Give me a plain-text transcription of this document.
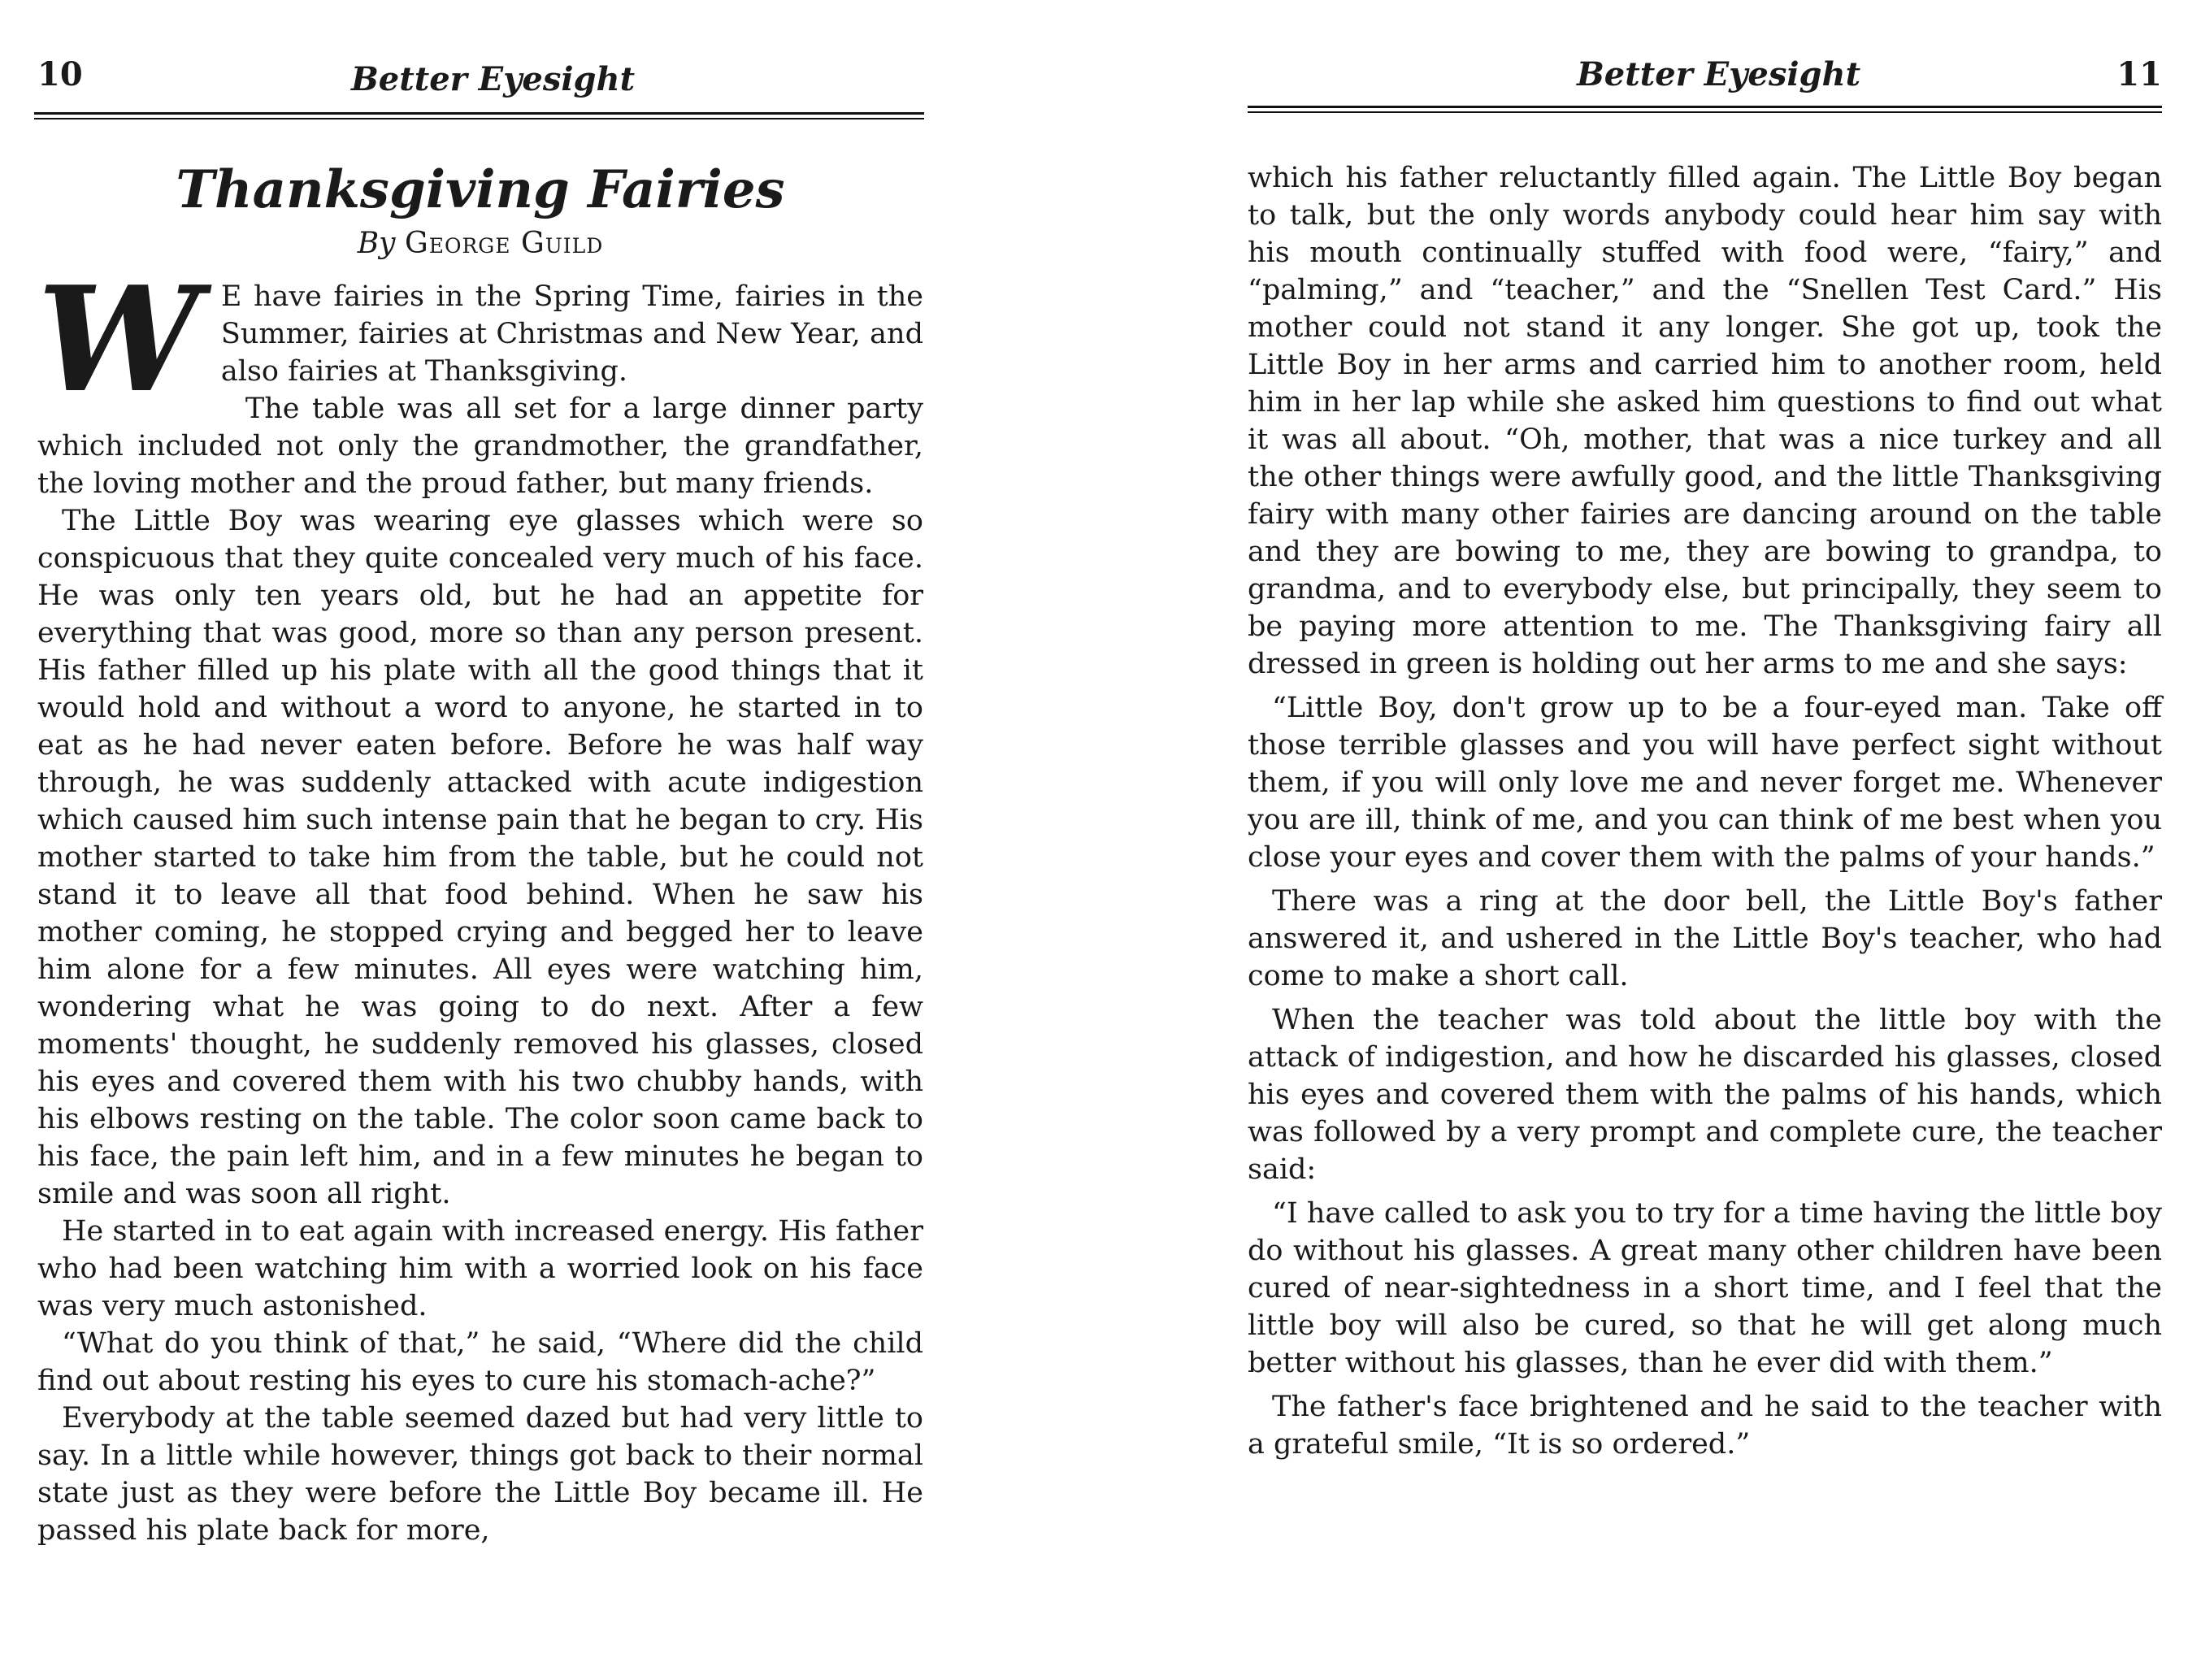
10	Better Eyesight
Thanksgiving Fairies
By George Guild

W E have fairies in the Spring Time, fairies in the Summer, fairies at Christmas and New Year, and also fairies at Thanksgiving.

The table was all set for a large dinner party which included not only the grandmother, the grandfather, the loving mother and the proud father, but many friends.

The Little Boy was wearing eye glasses which were so conspicuous that they quite concealed very much of his face. He was only ten years old, but he had an appetite for everything that was good, more so than any person present. His father filled up his plate with all the good things that it would hold and without a word to anyone, he started in to eat as he had never eaten before. Before he was half way through, he was suddenly attacked with acute indigestion which caused him such intense pain that he began to cry. His mother started to take him from the table, but he could not stand it to leave all that food behind. When he saw his mother coming, he stopped crying and begged her to leave him alone for a few minutes. All eyes were watching him, wondering what he was going to do next. After a few moments' thought, he suddenly removed his glasses, closed his eyes and covered them with his two chubby hands, with his elbows resting on the table. The color soon came back to his face, the pain left him, and in a few minutes he began to smile and was soon all right.

He started in to eat again with increased energy. His father who had been watching him with a worried look on his face was very much astonished.

“What do you think of that,” he said, “Where did the child find out about resting his eyes to cure his stomach-ache?”

Everybody at the table seemed dazed but had very little to say. In a little while however, things got back to their normal state just as they were before the Little Boy became ill. He passed his plate back for more,

Better Eyesight	11

which his father reluctantly filled again. The Little Boy began to talk, but the only words anybody could hear him say with his mouth continually stuffed with food were, “fairy,” and “palming,” and “teacher,” and the “Snellen Test Card.” His mother could not stand it any longer. She got up, took the Little Boy in her arms and carried him to another room, held him in her lap while she asked him questions to find out what it was all about. “Oh, mother, that was a nice turkey and all the other things were awfully good, and the little Thanksgiving fairy with many other fairies are dancing around on the table and they are bowing to me, they are bowing to grandpa, to grandma, and to everybody else, but principally, they seem to be paying more attention to me. The Thanksgiving fairy all dressed in green is holding out her arms to me and she says:

“Little Boy, don't grow up to be a four-eyed man. Take off those terrible glasses and you will have perfect sight without them, if you will only love me and never forget me. Whenever you are ill, think of me, and you can think of me best when you close your eyes and cover them with the palms of your hands.”

There was a ring at the door bell, the Little Boy's father answered it, and ushered in the Little Boy's teacher, who had come to make a short call.

When the teacher was told about the little boy with the attack of indigestion, and how he discarded his glasses, closed his eyes and covered them with the palms of his hands, which was followed by a very prompt and complete cure, the teacher said:

“I have called to ask you to try for a time having the little boy do without his glasses. A great many other children have been cured of near-sightedness in a short time, and I feel that the little boy will also be cured, so that he will get along much better without his glasses, than he ever did with them.”

The father's face brightened and he said to the teacher with a grateful smile, “It is so ordered.”
